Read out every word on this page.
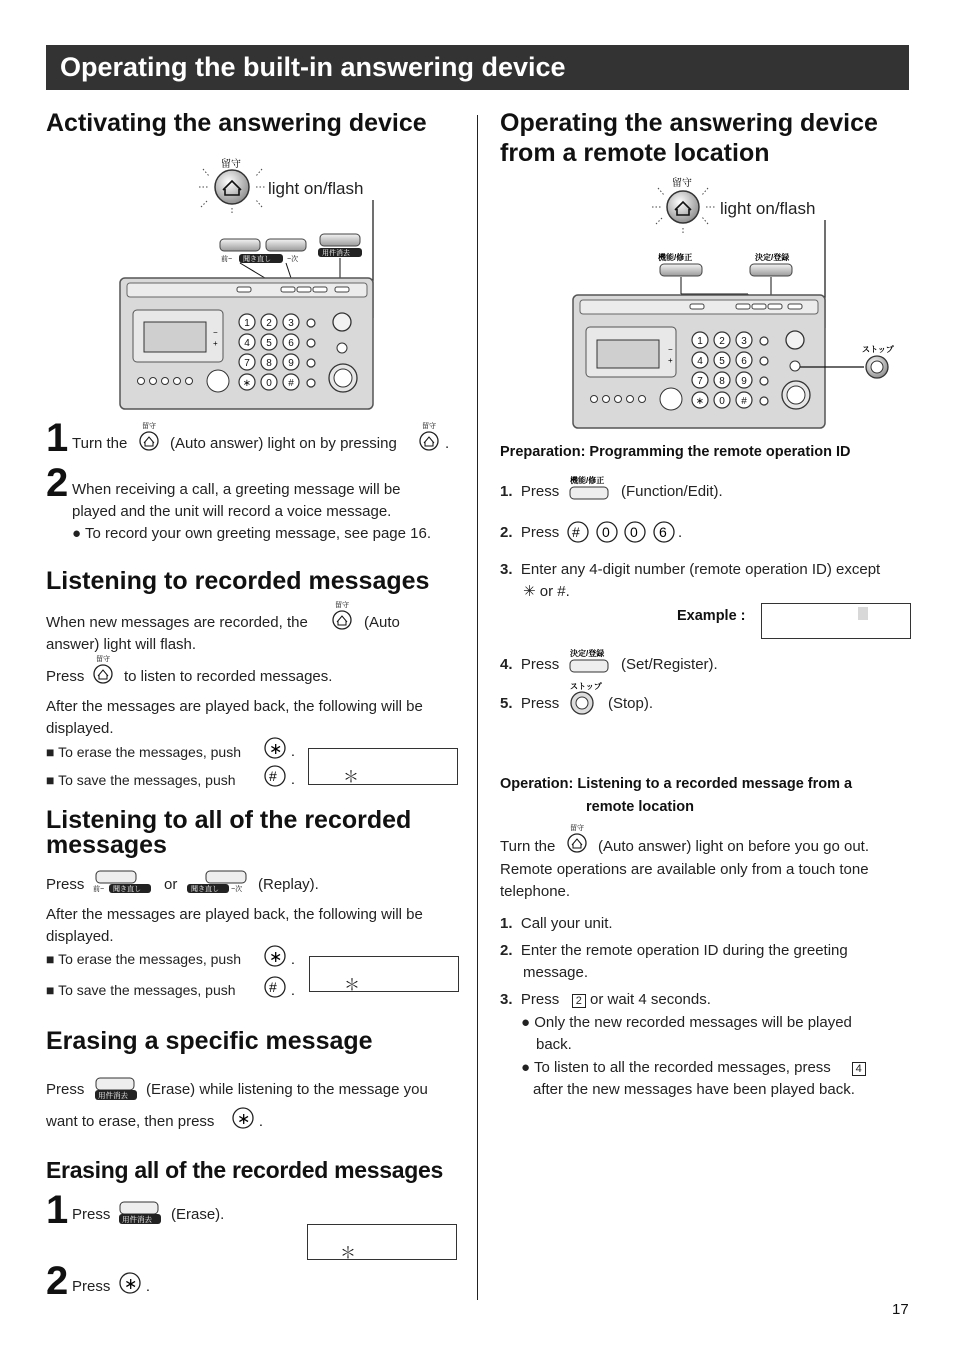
Operating the built-in answering device
Activating the answering device
留守
light on/flash
前− 聞き直し −次
用件消去
−
+
1 2 3
4 5 6
7 8 9
∗ 0 #
1 Turn the
留守
(Auto answer) light on by pressing
留守
.
2 When receiving a call, a greeting message will be
played and the unit will record a voice message.
● To record your own greeting message, see page 16.
Listening to recorded messages
When new messages are recorded, the
留守
(Auto
answer) light will flash.
Press
留守
to listen to recorded messages.
After the messages are played back, the following will be displayed.
■ To erase the messages, push ∗ .
■ To save the messages, push # .	＊
Listening to all of the recorded
messages
Press 前− 聞き直し or 聞き直し −次 (Replay).
After the messages are played back, the following will be displayed.
■ To erase the messages, push ∗ .
■ To save the messages, push # .	＊
Erasing a specific message
Press 用件消去 (Erase) while listening to the message you
want to erase, then press ∗ .
Erasing all of the recorded messages
1 Press 用件消去 (Erase).
＊
2 Press ∗ .
Operating the answering device
from a remote location
留守
light on/flash
機能/修正	決定/登録
−
+
1 2 3
4 5 6
7 8 9
∗ 0 #
ストップ
Preparation: Programming the remote operation ID
1. Press
機能/修正
(Function/Edit).
2. Press # 0 0 6 .
3. Enter any 4-digit number (remote operation ID) except
✳ or #.
Example :
4. Press
決定/登録
(Set/Register).
5. Press
ストップ
(Stop).
Operation: Listening to a recorded message from a
remote location
Turn the
留守
(Auto answer) light on before you go out.
Remote operations are available only from a touch tone
telephone.
1. Call your unit.
2. Enter the remote operation ID during the greeting
message.
3. Press 2 or wait 4 seconds.
● Only the new recorded messages will be played
back.
● To listen to all the recorded messages, press 4
after the new messages have been played back.
17
